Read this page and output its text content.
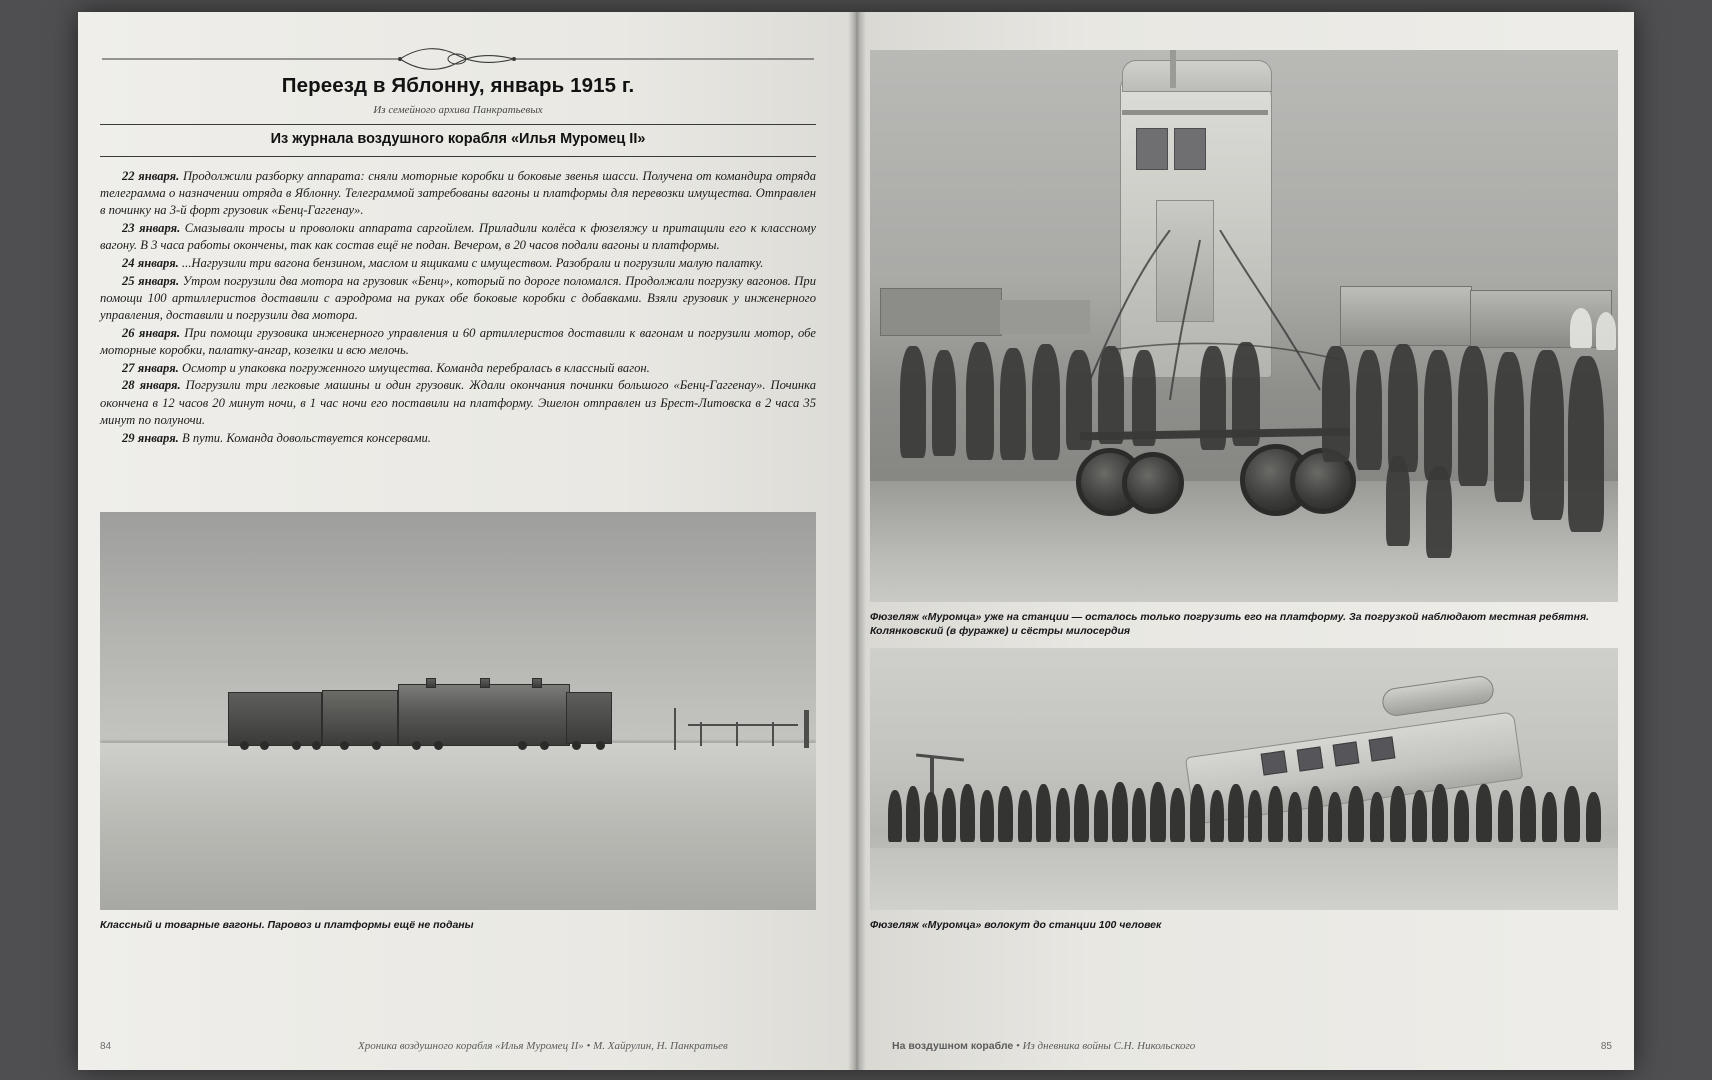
Переезд в Яблонну, январь 1915 г.
Из семейного архива Панкратьевых
Из журнала воздушного корабля «Илья Муромец II»

22 января. Продолжили разборку аппарата: сняли моторные коробки и боковые звенья шасси. Получена от командира отряда телеграмма о назначении отряда в Яблонну. Телеграммой затребованы вагоны и платформы для перевозки имущества. Отправлен в починку на 3-й форт грузовик «Бенц-Гаггенау».

23 января. Смазывали тросы и проволоки аппарата саргойлем. Приладили колёса к фюзеляжу и притащили его к классному вагону. В 3 часа работы окончены, так как состав ещё не подан. Вечером, в 20 часов подали вагоны и платформы.

24 января. ...Нагрузили три вагона бензином, маслом и ящиками с имуществом. Разобрали и погрузили малую палатку.

25 января. Утром погрузили два мотора на грузовик «Бенц», который по дороге поломался. Продолжали погрузку вагонов. При помощи 100 артиллеристов доставили с аэродрома на руках обе боковые коробки с добавками. Взяли грузовик у инженерного управления, доставили и погрузили два мотора.

26 января. При помощи грузовика инженерного управления и 60 артиллеристов доставили к вагонам и погрузили мотор, обе моторные коробки, палатку-ангар, козелки и всю мелочь.

27 января. Осмотр и упаковка погруженного имущества. Команда перебралась в классный вагон.

28 января. Погрузили три легковые машины и один грузовик. Ждали окончания починки большого «Бенц-Гаггенау». Починка окончена в 12 часов 20 минут ночи, в 1 час ночи его поставили на платформу. Эшелон отправлен из Брест-Литовска в 2 часа 35 минут по полуночи.

29 января. В пути. Команда довольствуется консервами.

Классный и товарные вагоны. Паровоз и платформы ещё не поданы
84	Хроника воздушного корабля «Илья Муромец II» • М. Хайрулин, Н. Панкратьев
Фюзеляж «Муромца» уже на станции — осталось только погрузить его на платформу. За погрузкой наблюдают местная ребятня. Колянковский (в фуражке) и сёстры милосердия
Фюзеляж «Муромца» волокут до станции 100 человек
На воздушном корабле • Из дневника войны С.Н. Никольского	85
